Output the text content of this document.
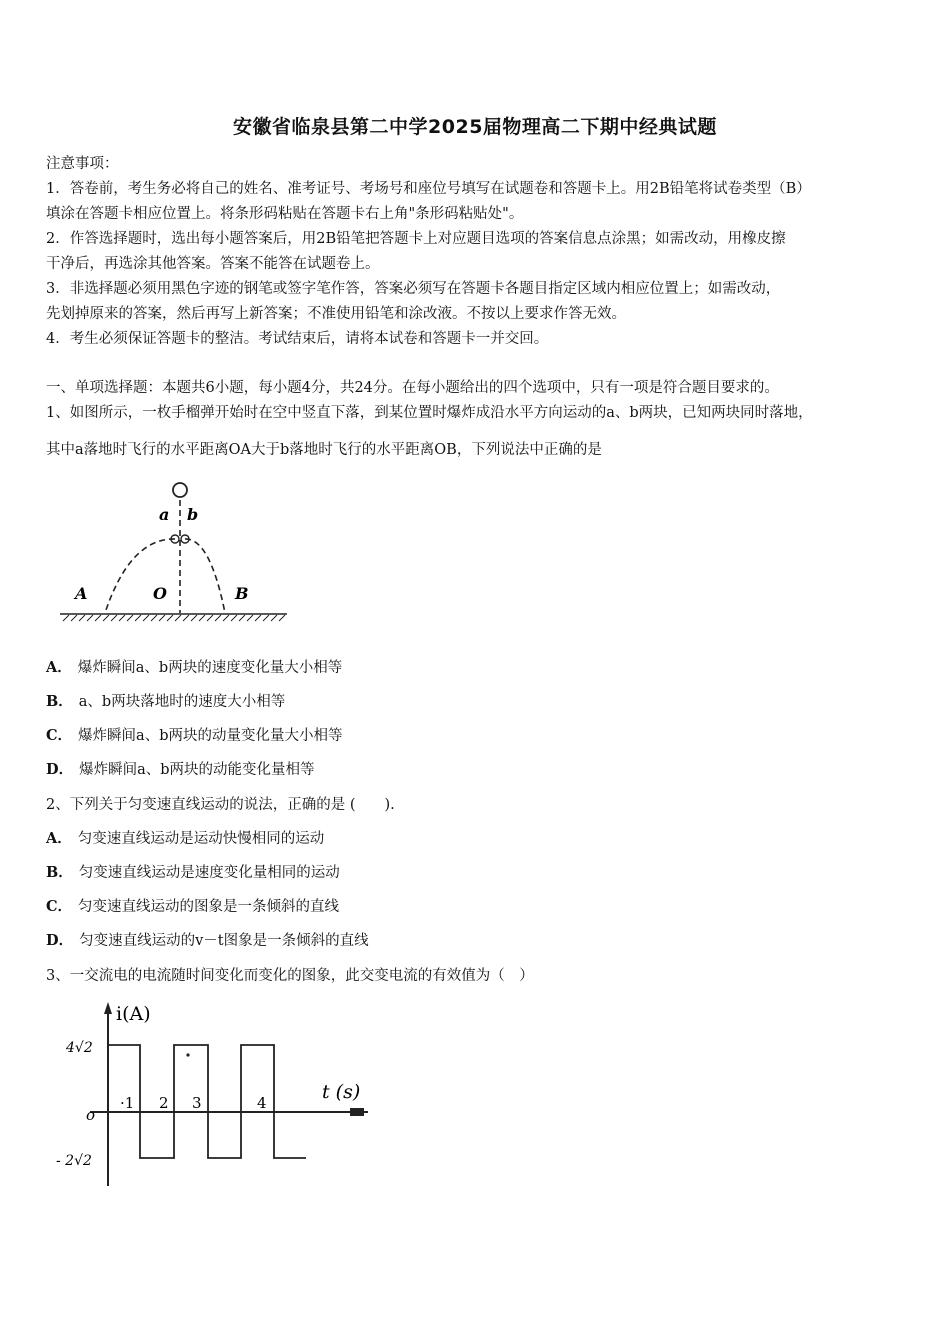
安徽省临泉县第二中学2025届物理高二下期中经典试题
注意事项：
1．答卷前，考生务必将自己的姓名、准考证号、考场号和座位号填写在试题卷和答题卡上。用2B铅笔将试卷类型（B）
填涂在答题卡相应位置上。将条形码粘贴在答题卡右上角"条形码粘贴处"。
2．作答选择题时，选出每小题答案后，用2B铅笔把答题卡上对应题目选项的答案信息点涂黑；如需改动，用橡皮擦
干净后，再选涂其他答案。答案不能答在试题卷上。
3．非选择题必须用黑色字迹的钢笔或签字笔作答，答案必须写在答题卡各题目指定区域内相应位置上；如需改动，
先划掉原来的答案，然后再写上新答案；不准使用铅笔和涂改液。不按以上要求作答无效。
4．考生必须保证答题卡的整洁。考试结束后，请将本试卷和答题卡一并交回。
一、单项选择题：本题共6小题，每小题4分，共24分。在每小题给出的四个选项中，只有一项是符合题目要求的。
1、如图所示，一枚手榴弹开始时在空中竖直下落，到某位置时爆炸成沿水平方向运动的a、b两块，已知两块同时落地，
其中a落地时飞行的水平距离OA大于b落地时飞行的水平距离OB，下列说法中正确的是
a b
A	O	B
A． 爆炸瞬间a、b两块的速度变化量大小相等
B． a、b两块落地时的速度大小相等
C． 爆炸瞬间a、b两块的动量变化量大小相等
D． 爆炸瞬间a、b两块的动能变化量相等
2、下列关于匀变速直线运动的说法，正确的是 (　　).
A． 匀变速直线运动是运动快慢相同的运动
B． 匀变速直线运动是速度变化量相同的运动
C． 匀变速直线运动的图象是一条倾斜的直线
D． 匀变速直线运动的v－t图象是一条倾斜的直线
3、一交流电的电流随时间变化而变化的图象，此交变电流的有效值为（　）
i(A)
t (s)
o
4√2
- 2√2
·1 2 3	4
